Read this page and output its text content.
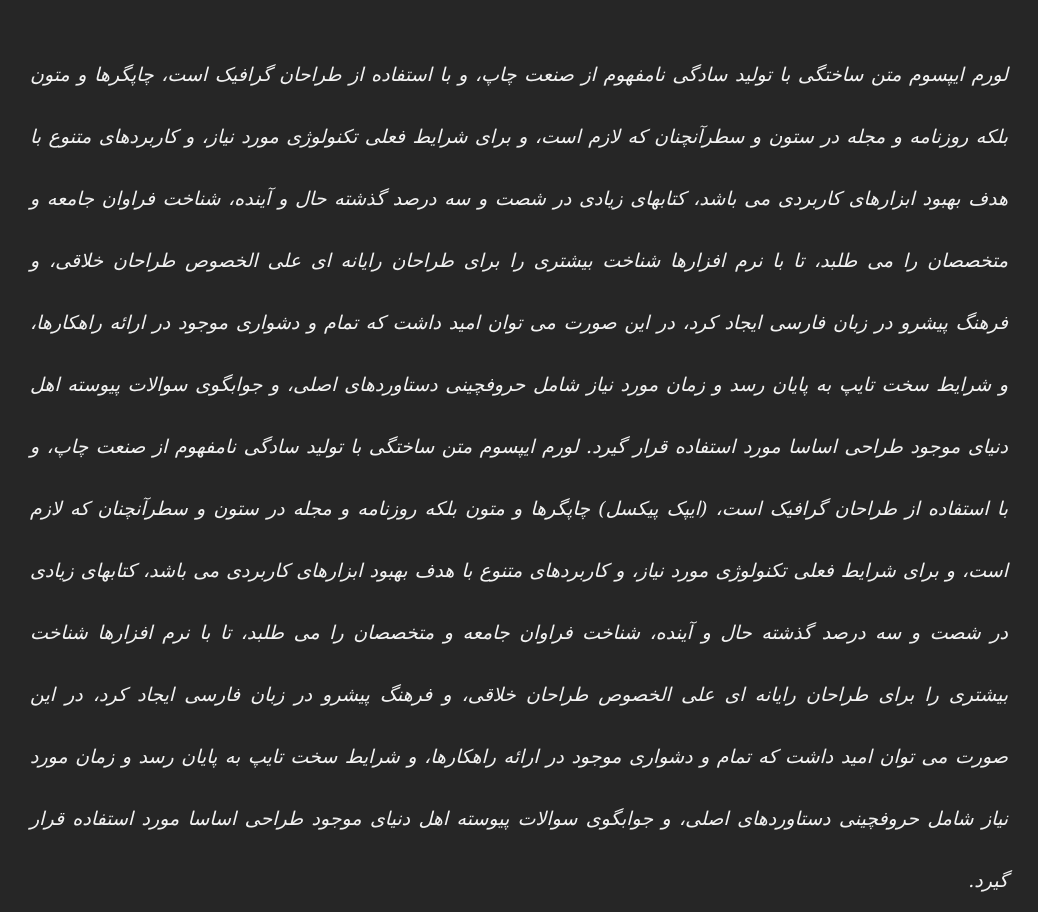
لورم ایپسوم متن ساختگی با تولید سادگی نامفهوم از صنعت چاپ، و با استفاده از طراحان گرافیک است، چاپگرها و متون بلکه روزنامه و مجله در ستون و سطرآنچنان که لازم است، و برای شرایط فعلی تکنولوژی مورد نیاز، و کاربردهای متنوع با هدف بهبود ابزارهای کاربردی می باشد، کتابهای زیادی در شصت و سه درصد گذشته حال و آینده، شناخت فراوان جامعه و متخصصان را می طلبد، تا با نرم افزارها شناخت بیشتری را برای طراحان رایانه ای علی الخصوص طراحان خلاقی، و فرهنگ پیشرو در زبان فارسی ایجاد کرد، در این صورت می توان امید داشت که تمام و دشواری موجود در ارائه راهکارها، و شرایط سخت تایپ به پایان رسد و زمان مورد نیاز شامل حروفچینی دستاوردهای اصلی، و جوابگوی سوالات پیوسته اهل دنیای موجود طراحی اساسا مورد استفاده قرار گیرد. لورم ایپسوم متن ساختگی با تولید سادگی نامفهوم از صنعت چاپ، و با استفاده از طراحان گرافیک است، (ایپک پیکسل) چاپگرها و متون بلکه روزنامه و مجله در ستون و سطرآنچنان که لازم است، و برای شرایط فعلی تکنولوژی مورد نیاز، و کاربردهای متنوع با هدف بهبود ابزارهای کاربردی می باشد، کتابهای زیادی در شصت و سه درصد گذشته حال و آینده، شناخت فراوان جامعه و متخصصان را می طلبد، تا با نرم افزارها شناخت بیشتری را برای طراحان رایانه ای علی الخصوص طراحان خلاقی، و فرهنگ پیشرو در زبان فارسی ایجاد کرد، در این صورت می توان امید داشت که تمام و دشواری موجود در ارائه راهکارها، و شرایط سخت تایپ به پایان رسد و زمان مورد نیاز شامل حروفچینی دستاوردهای اصلی، و جوابگوی سوالات پیوسته اهل دنیای موجود طراحی اساسا مورد استفاده قرار گیرد.
